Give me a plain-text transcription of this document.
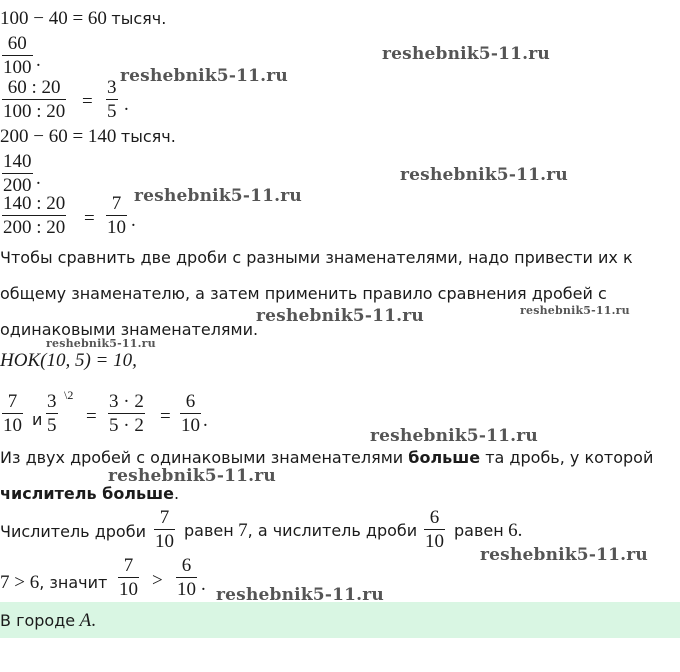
100 − 40 = 60 тысяч.
$\frac{60}{100}$ .
$\frac{60 : 20}{100 : 20} = \frac{3}{5}$ .
200 − 60 = 140 тысяч.
$\frac{140}{200}$ .
$\frac{140 : 20}{200 : 20} = \frac{7}{10}$ .
Чтобы сравнить две дроби с разными знаменателями, надо привести их к
общему знаменателю, а затем применить правило сравнения дробей с
одинаковыми знаменателями.
HOK(10, 5) = 10,
$\frac{7}{10}$ и $\frac{3}{5}$ \2
= $\frac{3 \cdot 2}{5 \cdot 2} = \frac{6}{10}$ .
Из двух дробей с одинаковыми знаменателями больше та дробь, у которой
числитель больше.
Числитель дроби $\frac{7}{10}$ равен 7, а числитель дроби $\frac{6}{10}$ равен 6.
7 > 6, значит $\frac{7}{10} > \frac{6}{10}$ .
В городе A.
reshebnik5-11.ru
reshebnik5-11.ru
reshebnik5-11.ru
reshebnik5-11.ru
reshebnik5-11.ru	reshebnik5-11.ru
reshebnik5-11.ru
reshebnik5-11.ru
reshebnik5-11.ru
reshebnik5-11.ru
reshebnik5-11.ru
